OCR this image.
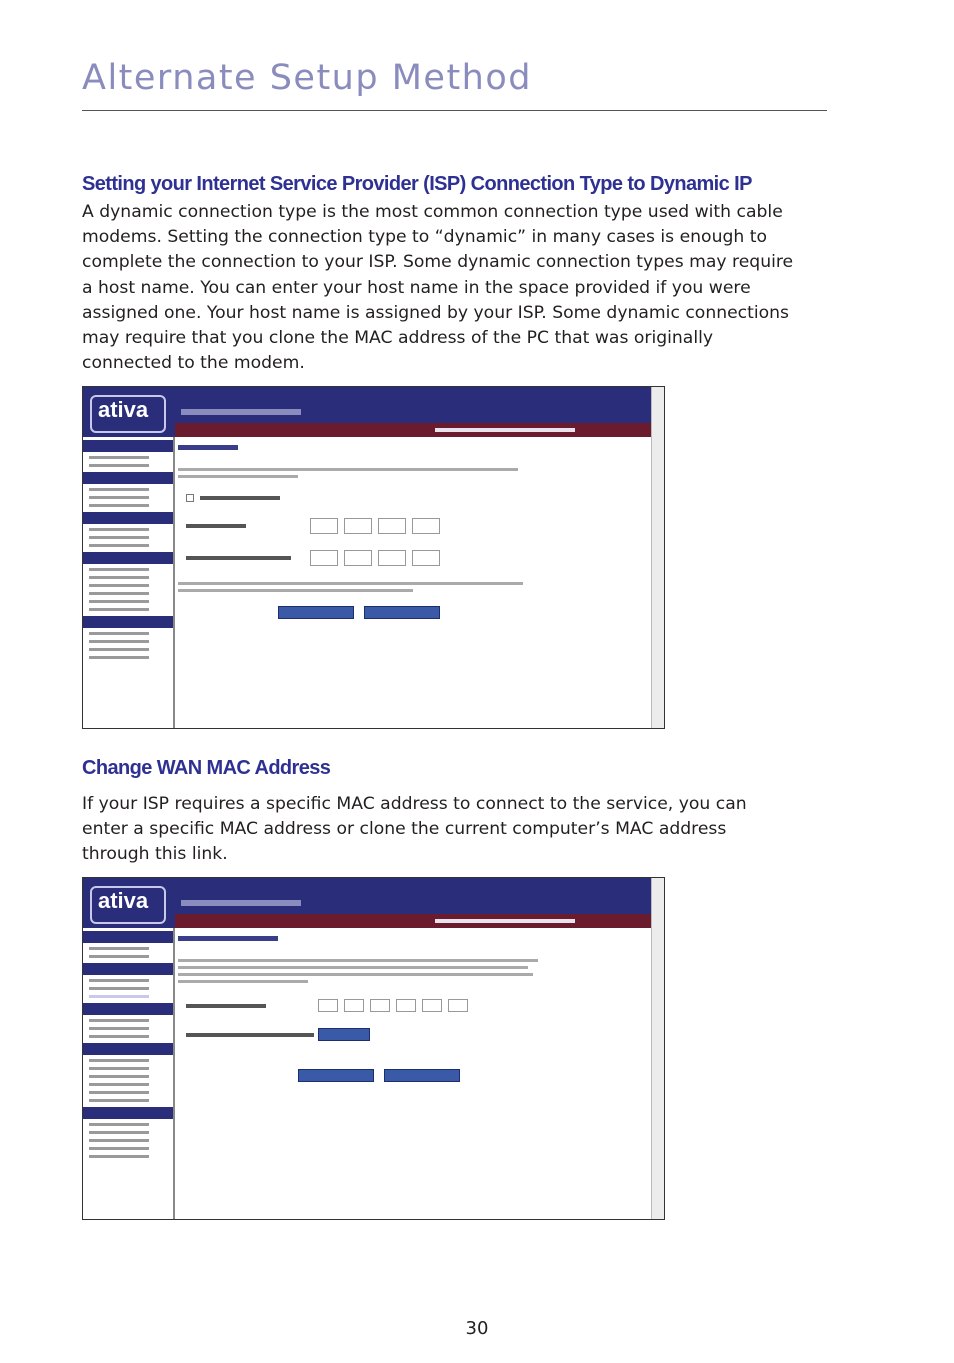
Alternate Setup Method
Setting your Internet Service Provider (ISP) Connection Type to Dynamic IP
A dynamic connection type is the most common connection type used with cable
modems. Setting the connection type to “dynamic” in many cases is enough to
complete the connection to your ISP. Some dynamic connection types may require
a host name. You can enter your host name in the space provided if you were
assigned one. Your host name is assigned by your ISP. Some dynamic connections
may require that you clone the MAC address of the PC that was originally
connected to the modem.
ativa
Change WAN MAC Address
If your ISP requires a specific MAC address to connect to the service, you can
enter a specific MAC address or clone the current computer’s MAC address
through this link.
ativa
30
